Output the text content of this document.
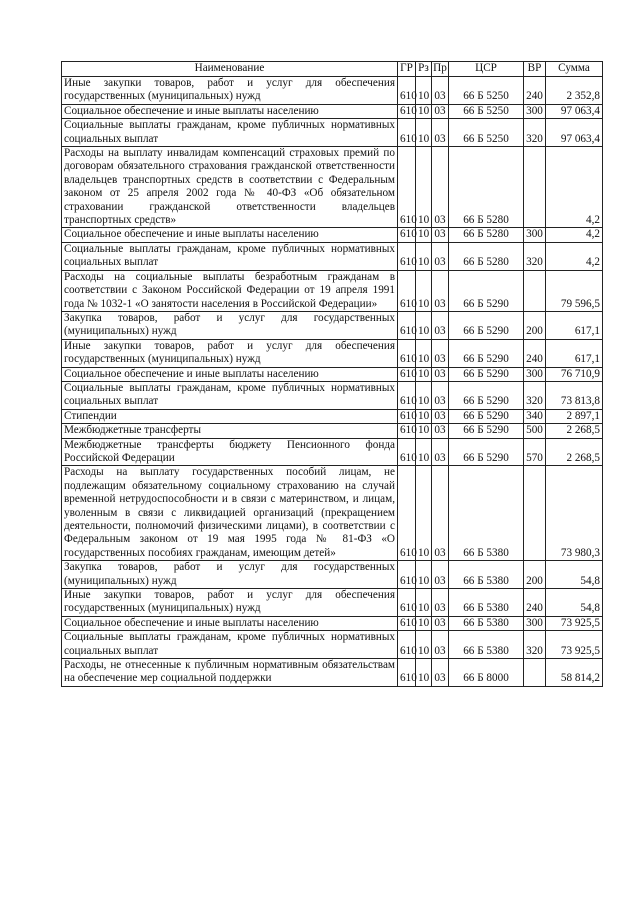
Наименование	ГР	Рз	Пр	ЦСР	ВР	Сумма
Иные закупки товаров, работ и услуг для обеспечения государственных (муниципальных) нужд	610	10	03	66 Б 5250	240	2 352,8
Социальное обеспечение и иные выплаты населению	610	10	03	66 Б 5250	300	97 063,4
Социальные выплаты гражданам, кроме публичных нормативных социальных выплат	610	10	03	66 Б 5250	320	97 063,4
Расходы на выплату инвалидам компенсаций страховых премий по договорам обязательного страхования гражданской ответственности владельцев транспортных средств в соответствии с Федеральным законом от 25 апреля 2002 года № 40-ФЗ «Об обязательном страховании гражданской ответственности владельцев транспортных средств»	610	10	03	66 Б 5280		4,2
Социальное обеспечение и иные выплаты населению	610	10	03	66 Б 5280	300	4,2
Социальные выплаты гражданам, кроме публичных нормативных социальных выплат	610	10	03	66 Б 5280	320	4,2
Расходы на социальные выплаты безработным гражданам в соответствии с Законом Российской Федерации от 19 апреля 1991 года № 1032-1 «О занятости населения в Российской Федерации»	610	10	03	66 Б 5290		79 596,5
Закупка товаров, работ и услуг для государственных (муниципальных) нужд	610	10	03	66 Б 5290	200	617,1
Иные закупки товаров, работ и услуг для обеспечения государственных (муниципальных) нужд	610	10	03	66 Б 5290	240	617,1
Социальное обеспечение и иные выплаты населению	610	10	03	66 Б 5290	300	76 710,9
Социальные выплаты гражданам, кроме публичных нормативных социальных выплат	610	10	03	66 Б 5290	320	73 813,8
Стипендии	610	10	03	66 Б 5290	340	2 897,1
Межбюджетные трансферты	610	10	03	66 Б 5290	500	2 268,5
Межбюджетные трансферты бюджету Пенсионного фонда Российской Федерации	610	10	03	66 Б 5290	570	2 268,5
Расходы на выплату государственных пособий лицам, не подлежащим обязательному социальному страхованию на случай временной нетрудоспособности и в связи с материнством, и лицам, уволенным в связи с ликвидацией организаций (прекращением деятельности, полномочий физическими лицами), в соответствии с Федеральным законом от 19 мая 1995 года № 81-ФЗ «О государственных пособиях гражданам, имеющим детей»	610	10	03	66 Б 5380		73 980,3
Закупка товаров, работ и услуг для государственных (муниципальных) нужд	610	10	03	66 Б 5380	200	54,8
Иные закупки товаров, работ и услуг для обеспечения государственных (муниципальных) нужд	610	10	03	66 Б 5380	240	54,8
Социальное обеспечение и иные выплаты населению	610	10	03	66 Б 5380	300	73 925,5
Социальные выплаты гражданам, кроме публичных нормативных социальных выплат	610	10	03	66 Б 5380	320	73 925,5
Расходы, не отнесенные к публичным нормативным обязательствам на обеспечение мер социальной поддержки	610	10	03	66 Б 8000		58 814,2
